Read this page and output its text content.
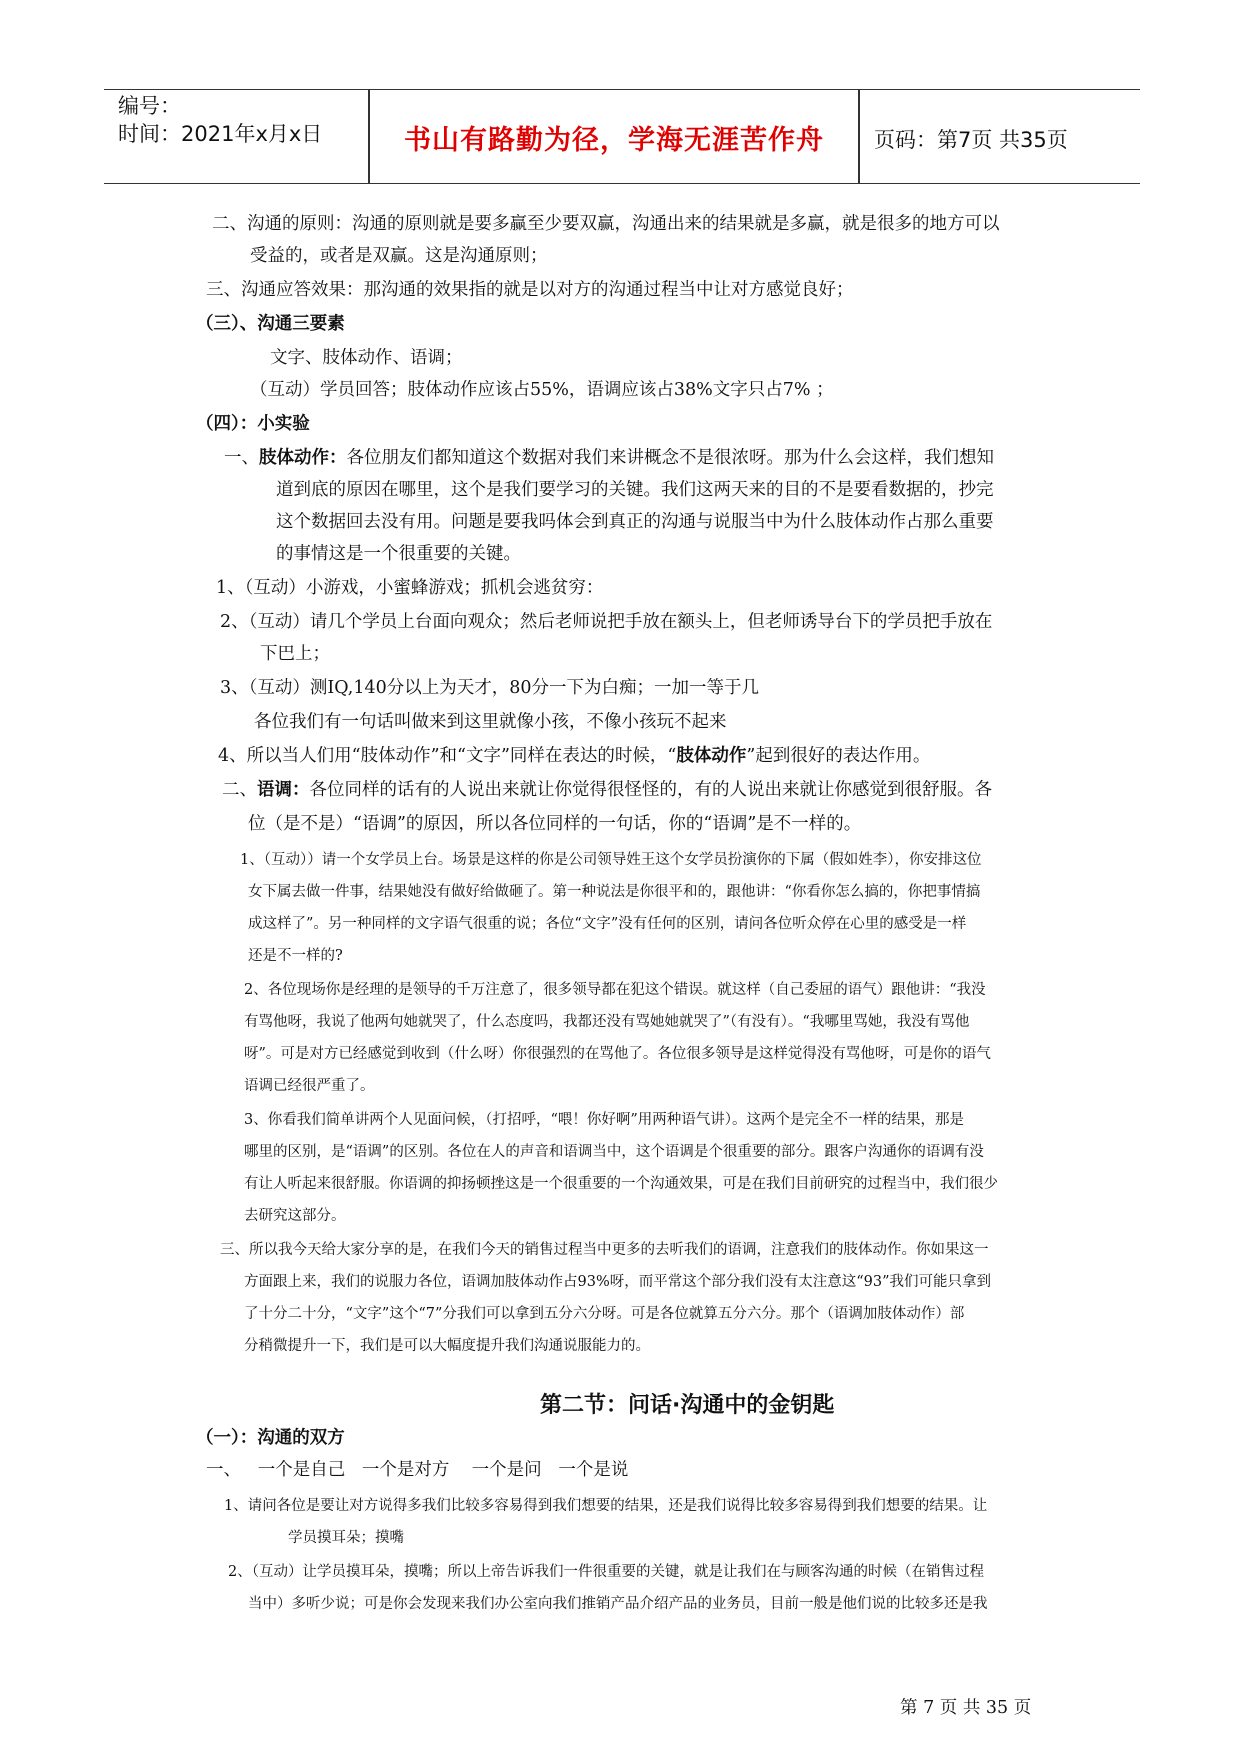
编号：
时间：2021年x月x日	书山有路勤为径，学海无涯苦作舟	页码：第7页 共35页
二、沟通的原则：沟通的原则就是要多赢至少要双赢，沟通出来的结果就是多赢，就是很多的地方可以
受益的，或者是双赢。这是沟通原则；
三、沟通应答效果：那沟通的效果指的就是以对方的沟通过程当中让对方感觉良好；
（三）、沟通三要素
文字、肢体动作、语调；
（互动）学员回答；肢体动作应该占55%，语调应该占38%文字只占7% ；
（四）：小实验
一、肢体动作：各位朋友们都知道这个数据对我们来讲概念不是很浓呀。那为什么会这样，我们想知
道到底的原因在哪里，这个是我们要学习的关键。我们这两天来的目的不是要看数据的，抄完
这个数据回去没有用。问题是要我吗体会到真正的沟通与说服当中为什么肢体动作占那么重要
的事情这是一个很重要的关键。
1、（互动）小游戏，小蜜蜂游戏；抓机会逃贫穷：
2、（互动）请几个学员上台面向观众；然后老师说把手放在额头上，但老师诱导台下的学员把手放在
下巴上；
3、（互动）测IQ,140分以上为天才，80分一下为白痴；一加一等于几
各位我们有一句话叫做来到这里就像小孩，不像小孩玩不起来
4、所以当人们用“肢体动作”和“文字”同样在表达的时候，“肢体动作”起到很好的表达作用。
二、语调：各位同样的话有的人说出来就让你觉得很怪怪的，有的人说出来就让你感觉到很舒服。各
位（是不是）“语调”的原因，所以各位同样的一句话，你的“语调”是不一样的。
1、（互动））请一个女学员上台。场景是这样的你是公司领导姓王这个女学员扮演你的下属（假如姓李），你安排这位
女下属去做一件事，结果她没有做好给做砸了。第一种说法是你很平和的，跟他讲：“你看你怎么搞的，你把事情搞
成这样了”。另一种同样的文字语气很重的说；各位“文字”没有任何的区别，请问各位听众停在心里的感受是一样
还是不一样的?
2、各位现场你是经理的是领导的千万注意了，很多领导都在犯这个错误。就这样（自己委屈的语气）跟他讲：“我没
有骂他呀，我说了他两句她就哭了，什么态度吗，我都还没有骂她她就哭了”（有没有）。“我哪里骂她，我没有骂他
呀”。可是对方已经感觉到收到（什么呀）你很强烈的在骂他了。各位很多领导是这样觉得没有骂他呀，可是你的语气
语调已经很严重了。
3、你看我们简单讲两个人见面问候，（打招呼，“喂！你好啊”用两种语气讲）。这两个是完全不一样的结果，那是
哪里的区别，是“语调”的区别。各位在人的声音和语调当中，这个语调是个很重要的部分。跟客户沟通你的语调有没
有让人听起来很舒服。你语调的抑扬顿挫这是一个很重要的一个沟通效果，可是在我们目前研究的过程当中，我们很少
去研究这部分。
三、所以我今天给大家分享的是，在我们今天的销售过程当中更多的去听我们的语调，注意我们的肢体动作。你如果这一
方面跟上来，我们的说服力各位，语调加肢体动作占93%呀，而平常这个部分我们没有太注意这“93”我们可能只拿到
了十分二十分，“文字”这个“7”分我们可以拿到五分六分呀。可是各位就算五分六分。那个（语调加肢体动作）部
分稍微提升一下，我们是可以大幅度提升我们沟通说服能力的。
第二节：问话·沟通中的金钥匙
（一）：沟通的双方
一、   一个是自己   一个是对方    一个是问   一个是说
1、请问各位是要让对方说得多我们比较多容易得到我们想要的结果，还是我们说得比较多容易得到我们想要的结果。让
学员摸耳朵；摸嘴
2、（互动）让学员摸耳朵，摸嘴；所以上帝告诉我们一件很重要的关键，就是让我们在与顾客沟通的时候（在销售过程
当中）多听少说；可是你会发现来我们办公室向我们推销产品介绍产品的业务员，目前一般是他们说的比较多还是我
第 7 页 共 35 页
